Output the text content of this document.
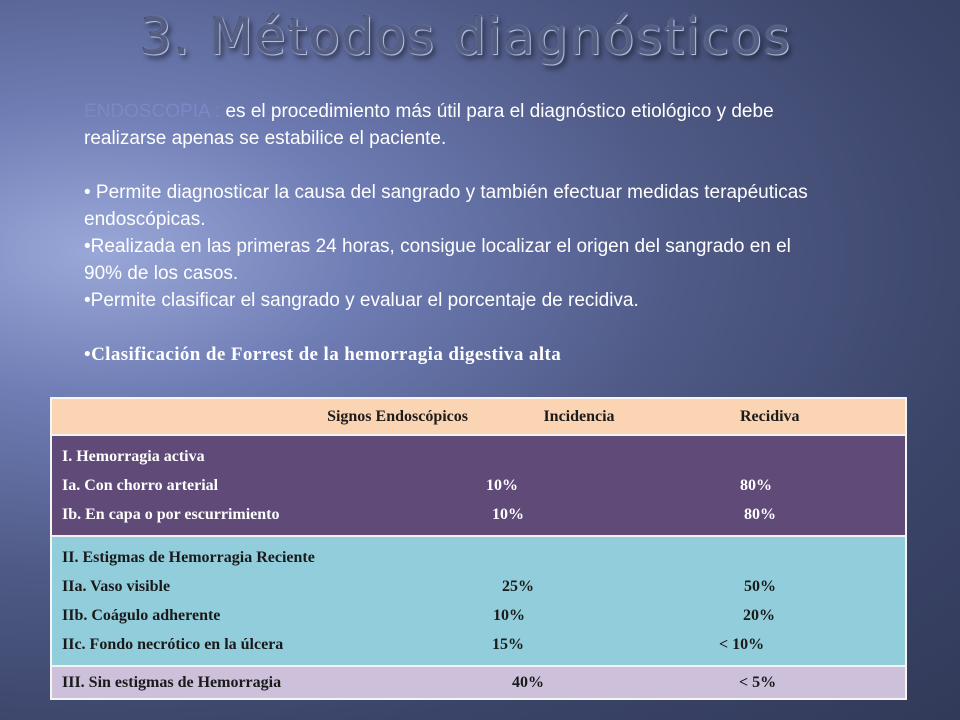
3. Métodos diagnósticos

ENDOSCOPIA : es el procedimiento más útil para el diagnóstico etiológico y debe realizarse apenas se estabilice el paciente.

• Permite diagnosticar la causa del sangrado y también efectuar medidas terapéuticas endoscópicas.

•Realizada en las primeras 24 horas, consigue localizar el origen del sangrado en el 90% de los casos.

•Permite clasificar el sangrado y evaluar el porcentaje de recidiva.

•Clasificación de Forrest de la hemorragia digestiva alta

Signos Endoscópicos	Incidencia	Recidiva

I. Hemorragia activa		
Ia. Con chorro arterial	10%	80%
Ib. En capa o por escurrimiento	10%	80%

II. Estigmas de Hemorragia Reciente		
IIa. Vaso visible	25%	50%
IIb. Coágulo adherente	10%	20%
IIc. Fondo necrótico en la úlcera	15%	< 10%

III. Sin estigmas de Hemorragia	40%	< 5%
